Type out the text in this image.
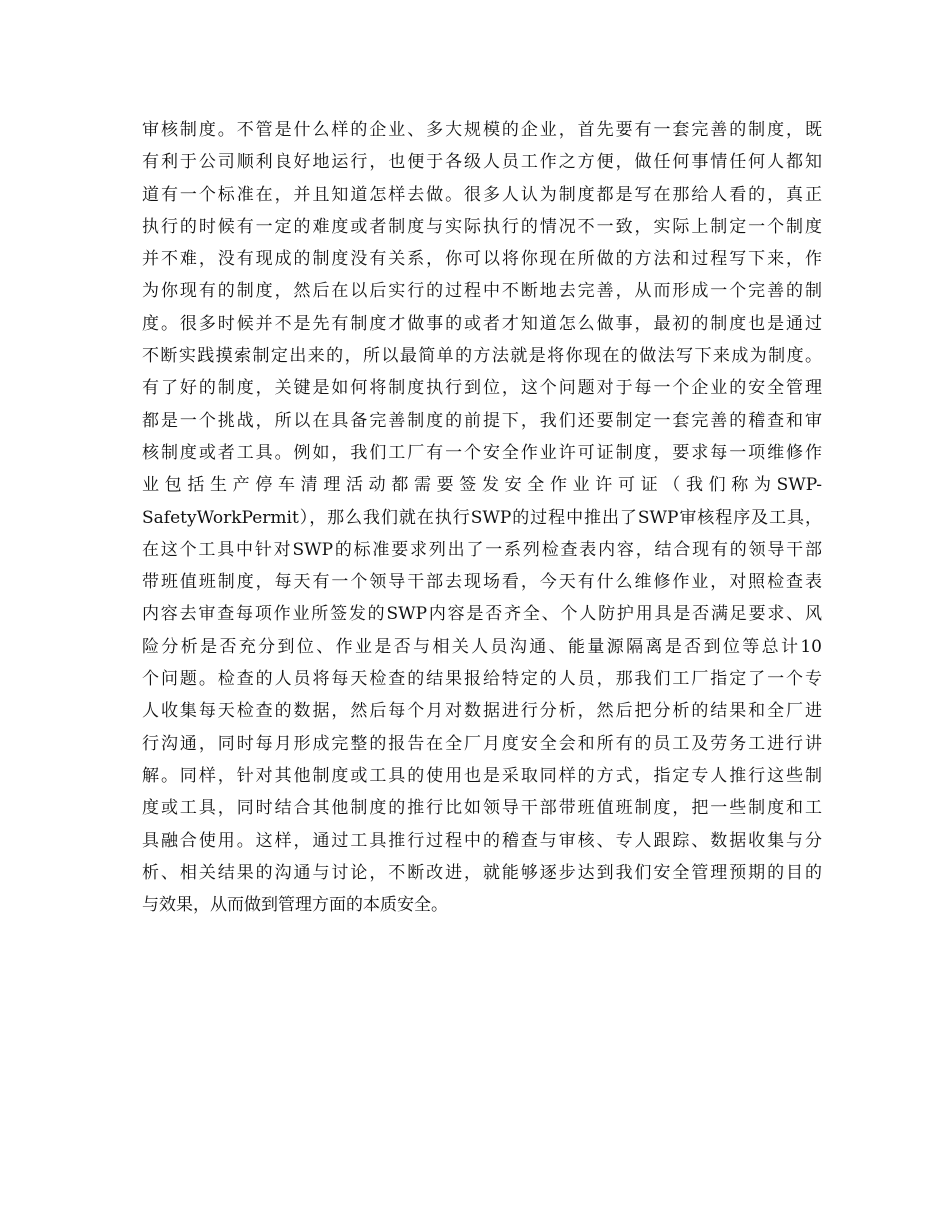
审核制度。不管是什么样的企业、多大规模的企业，首先要有一套完善的制度，既
有利于公司顺利良好地运行，也便于各级人员工作之方便，做任何事情任何人都知
道有一个标准在，并且知道怎样去做。很多人认为制度都是写在那给人看的，真正
执行的时候有一定的难度或者制度与实际执行的情况不一致，实际上制定一个制度
并不难，没有现成的制度没有关系，你可以将你现在所做的方法和过程写下来，作
为你现有的制度，然后在以后实行的过程中不断地去完善，从而形成一个完善的制
度。很多时候并不是先有制度才做事的或者才知道怎么做事，最初的制度也是通过
不断实践摸索制定出来的，所以最简单的方法就是将你现在的做法写下来成为制度。
有了好的制度，关键是如何将制度执行到位，这个问题对于每一个企业的安全管理
都是一个挑战，所以在具备完善制度的前提下，我们还要制定一套完善的稽查和审
核制度或者工具。例如，我们工厂有一个安全作业许可证制度，要求每一项维修作
业包括生产停车清理活动都需要签发安全作业许可证（我们称为SWP-
SafetyWorkPermit），那么我们就在执行SWP的过程中推出了SWP审核程序及工具，
在这个工具中针对SWP的标准要求列出了一系列检查表内容，结合现有的领导干部
带班值班制度，每天有一个领导干部去现场看，今天有什么维修作业，对照检查表
内容去审查每项作业所签发的SWP内容是否齐全、个人防护用具是否满足要求、风
险分析是否充分到位、作业是否与相关人员沟通、能量源隔离是否到位等总计10
个问题。检查的人员将每天检查的结果报给特定的人员，那我们工厂指定了一个专
人收集每天检查的数据，然后每个月对数据进行分析，然后把分析的结果和全厂进
行沟通，同时每月形成完整的报告在全厂月度安全会和所有的员工及劳务工进行讲
解。同样，针对其他制度或工具的使用也是采取同样的方式，指定专人推行这些制
度或工具，同时结合其他制度的推行比如领导干部带班值班制度，把一些制度和工
具融合使用。这样，通过工具推行过程中的稽查与审核、专人跟踪、数据收集与分
析、相关结果的沟通与讨论，不断改进，就能够逐步达到我们安全管理预期的目的
与效果，从而做到管理方面的本质安全。
